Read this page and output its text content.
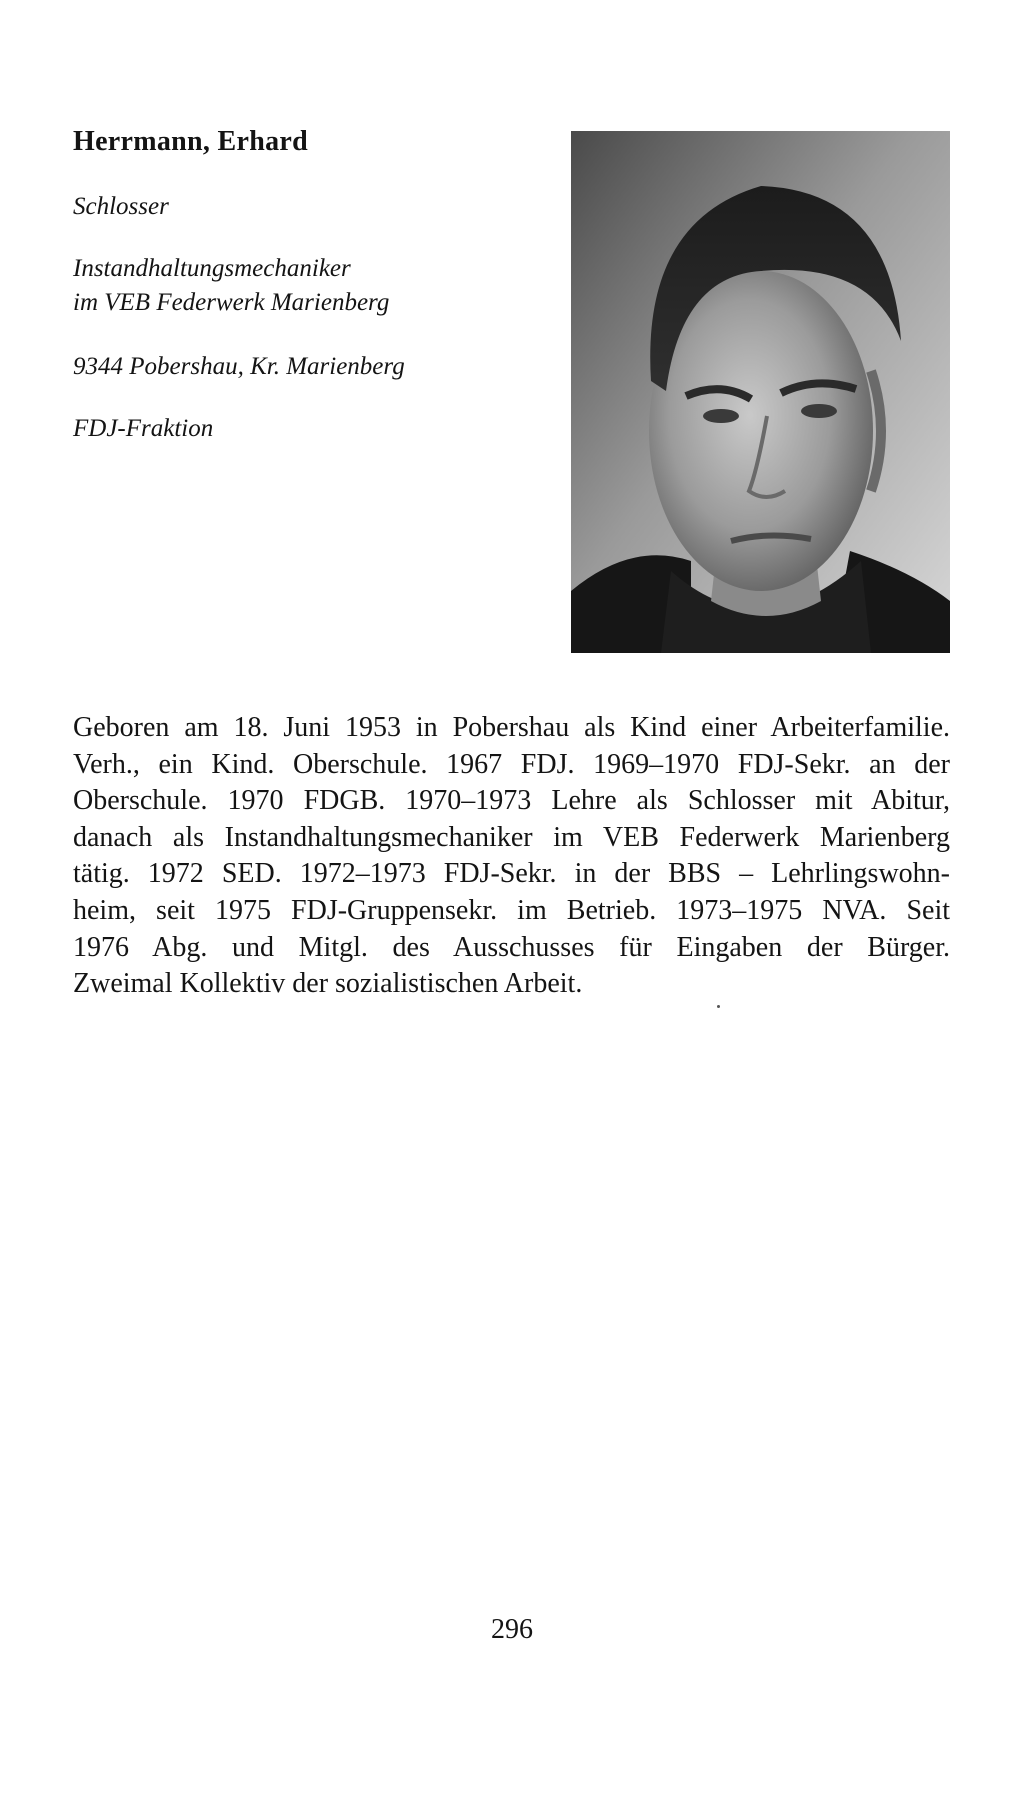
Herrmann, Erhard

Schlosser

Instandhaltungsmechaniker
im VEB Federwerk Marienberg

9344 Pobershau, Kr. Marienberg

FDJ-Fraktion

Geboren am 18. Juni 1953 in Pobershau als Kind einer Arbeiterfamilie.
Verh., ein Kind. Oberschule. 1967 FDJ. 1969–1970 FDJ-Sekr. an der
Oberschule. 1970 FDGB. 1970–1973 Lehre als Schlosser mit Abitur,
danach als Instandhaltungsmechaniker im VEB Federwerk Marienberg
tätig. 1972 SED. 1972–1973 FDJ-Sekr. in der BBS – Lehrlingswohn-
heim, seit 1975 FDJ-Gruppensekr. im Betrieb. 1973–1975 NVA. Seit
1976 Abg. und Mitgl. des Ausschusses für Eingaben der Bürger.
Zweimal Kollektiv der sozialistischen Arbeit.
296
